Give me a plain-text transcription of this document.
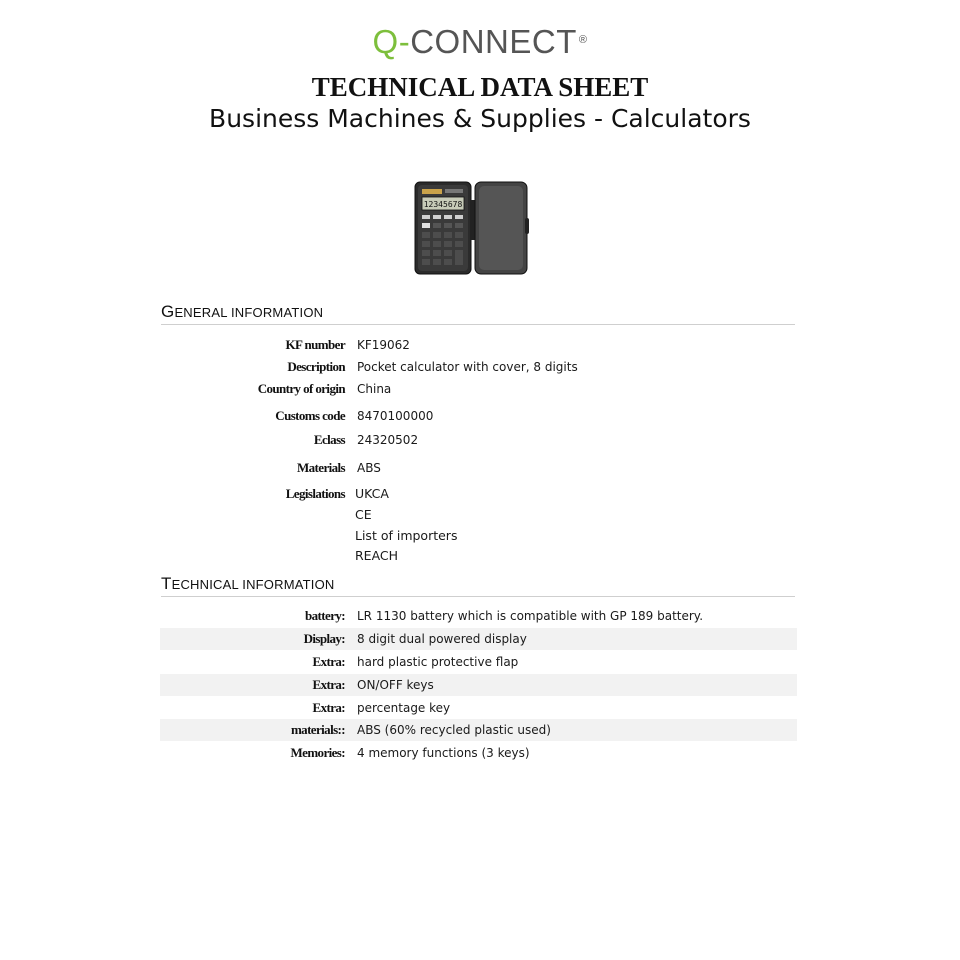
Q-CONNECT ®
TECHNICAL DATA SHEET
Business Machines & Supplies - Calculators
12345678
GENERAL INFORMATION
KF number KF19062
Description Pocket calculator with cover, 8 digits
Country of origin China
Customs code 8470100000
Eclass 24320502
Materials ABS
Legislations UKCA
CE
List of importers
REACH
TECHNICAL INFORMATION
battery: LR 1130 battery which is compatible with GP 189 battery.
Display: 8 digit dual powered display
Extra: hard plastic protective flap
Extra: ON/OFF keys
Extra: percentage key
materials:: ABS (60% recycled plastic used)
Memories: 4 memory functions (3 keys)
